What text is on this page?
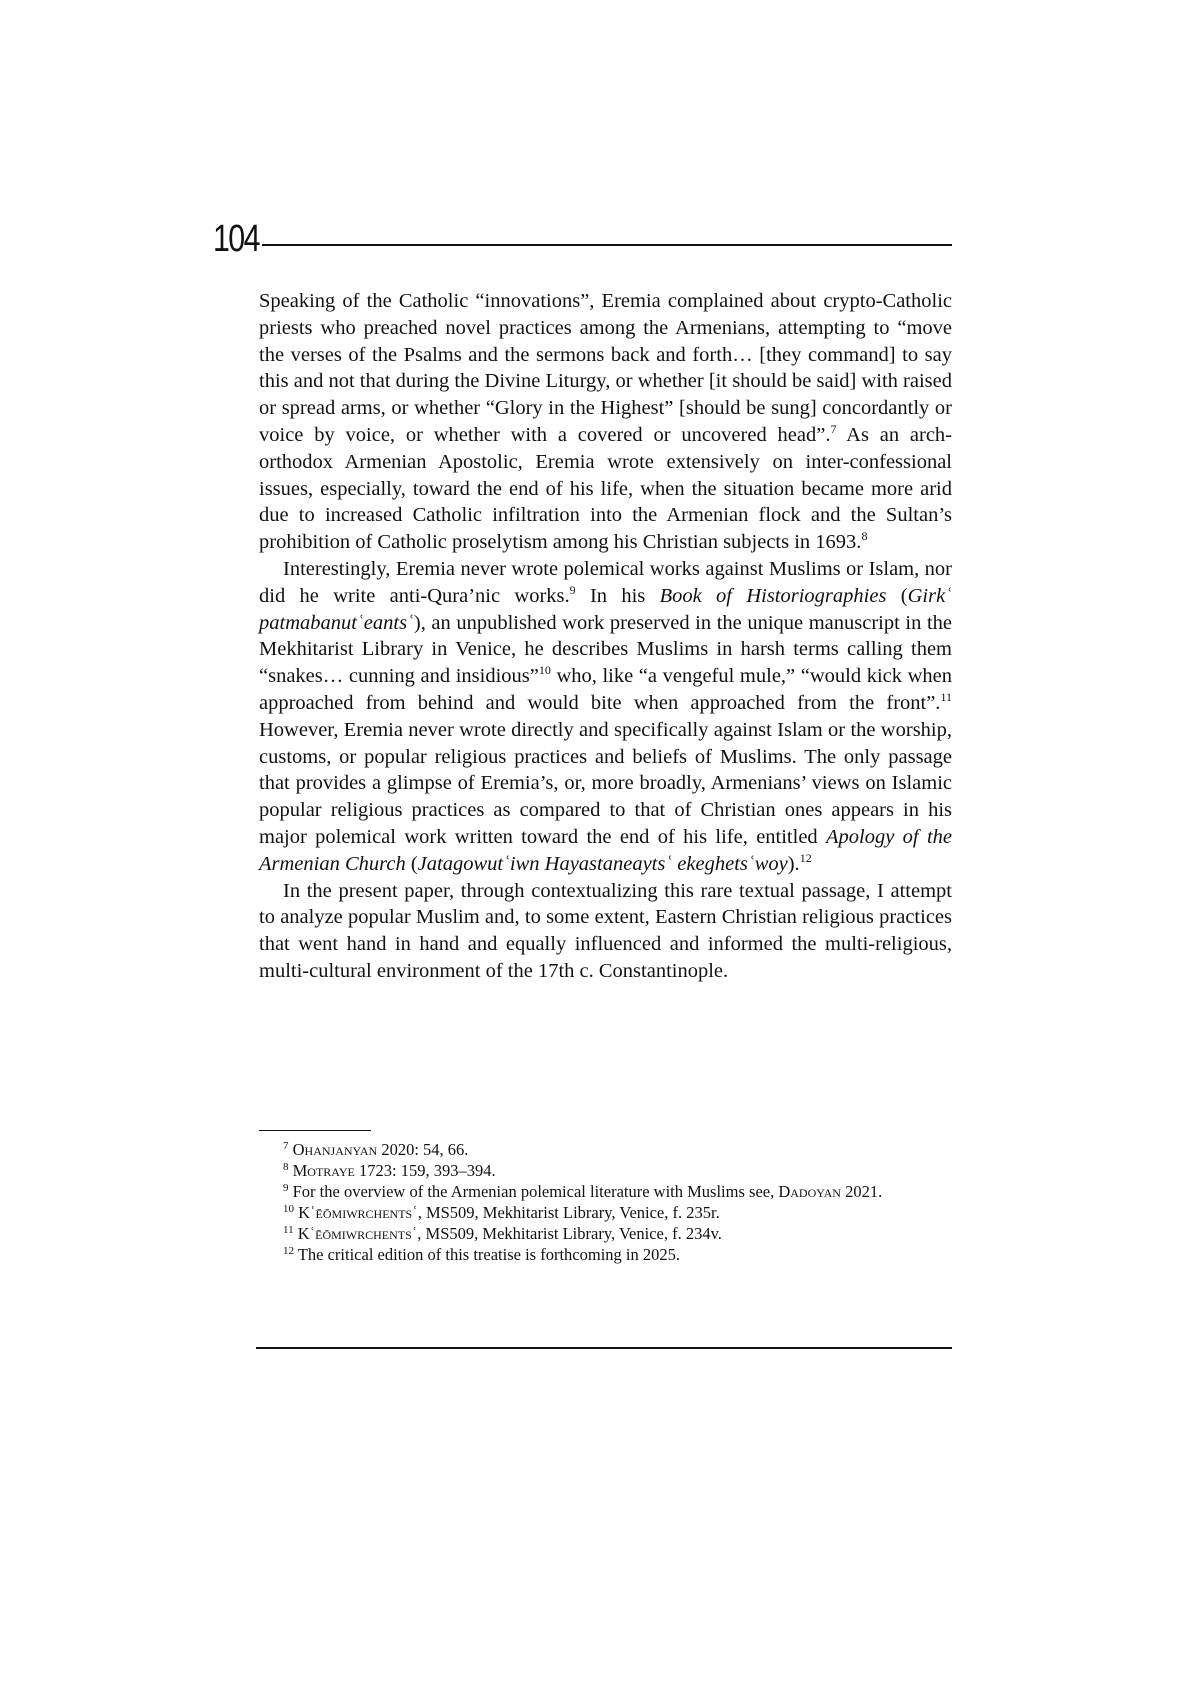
104

Speaking of the Catholic “innovations”, Eremia complained about crypto-Catholic priests who preached novel practices among the Armenians, attempting to “move the verses of the Psalms and the sermons back and forth… [they command] to say this and not that during the Divine Liturgy, or whether [it should be said] with raised or spread arms, or whether “Glory in the Highest” [should be sung] concordantly or voice by voice, or whether with a covered or uncovered head”.$^7$ As an arch-orthodox Armenian Apostolic, Eremia wrote extensively on inter-confessional issues, especially, toward the end of his life, when the situation became more arid due to increased Catholic infiltration into the Armenian flock and the Sultan’s prohibition of Catholic proselytism among his Christian subjects in 1693.$^8$

Interestingly, Eremia never wrote polemical works against Muslims or Islam, nor did he write anti-Qura’nic works.$^9$ In his Book of Historiographies (Girkʿ patmabanutʿeantsʿ), an unpublished work preserved in the unique manuscript in the Mekhitarist Library in Venice, he describes Muslims in harsh terms calling them “snakes… cunning and insidious”$^{10}$ who, like “a vengeful mule,” “would kick when approached from behind and would bite when approached from the front”.$^{11}$ However, Eremia never wrote directly and specifically against Islam or the worship, customs, or popular religious practices and beliefs of Muslims. The only passage that provides a glimpse of Eremia’s, or, more broadly, Armenians’ views on Islamic popular religious practices as compared to that of Christian ones appears in his major polemical work written toward the end of his life, entitled Apology of the Armenian Church (Jatagowutʿiwn Hayastaneaytsʿ ekeghetsʿwoy).$^{12}$

In the present paper, through contextualizing this rare textual passage, I attempt to analyze popular Muslim and, to some extent, Eastern Christian religious practices that went hand in hand and equally influenced and informed the multi-religious, multi-cultural environment of the 17th c. Constantinople.

$^7$ Ohanjanyan 2020: 54, 66.

$^8$ Motraye 1723: 159, 393–394.

$^9$ For the overview of the Armenian polemical literature with Muslims see, Dadoyan 2021.

$^{10}$ Kʿēōmiwrchentsʿ, MS509, Mekhitarist Library, Venice, f. 235r.

$^{11}$ Kʿēōmiwrchentsʿ, MS509, Mekhitarist Library, Venice, f. 234v.

$^{12}$ The critical edition of this treatise is forthcoming in 2025.
